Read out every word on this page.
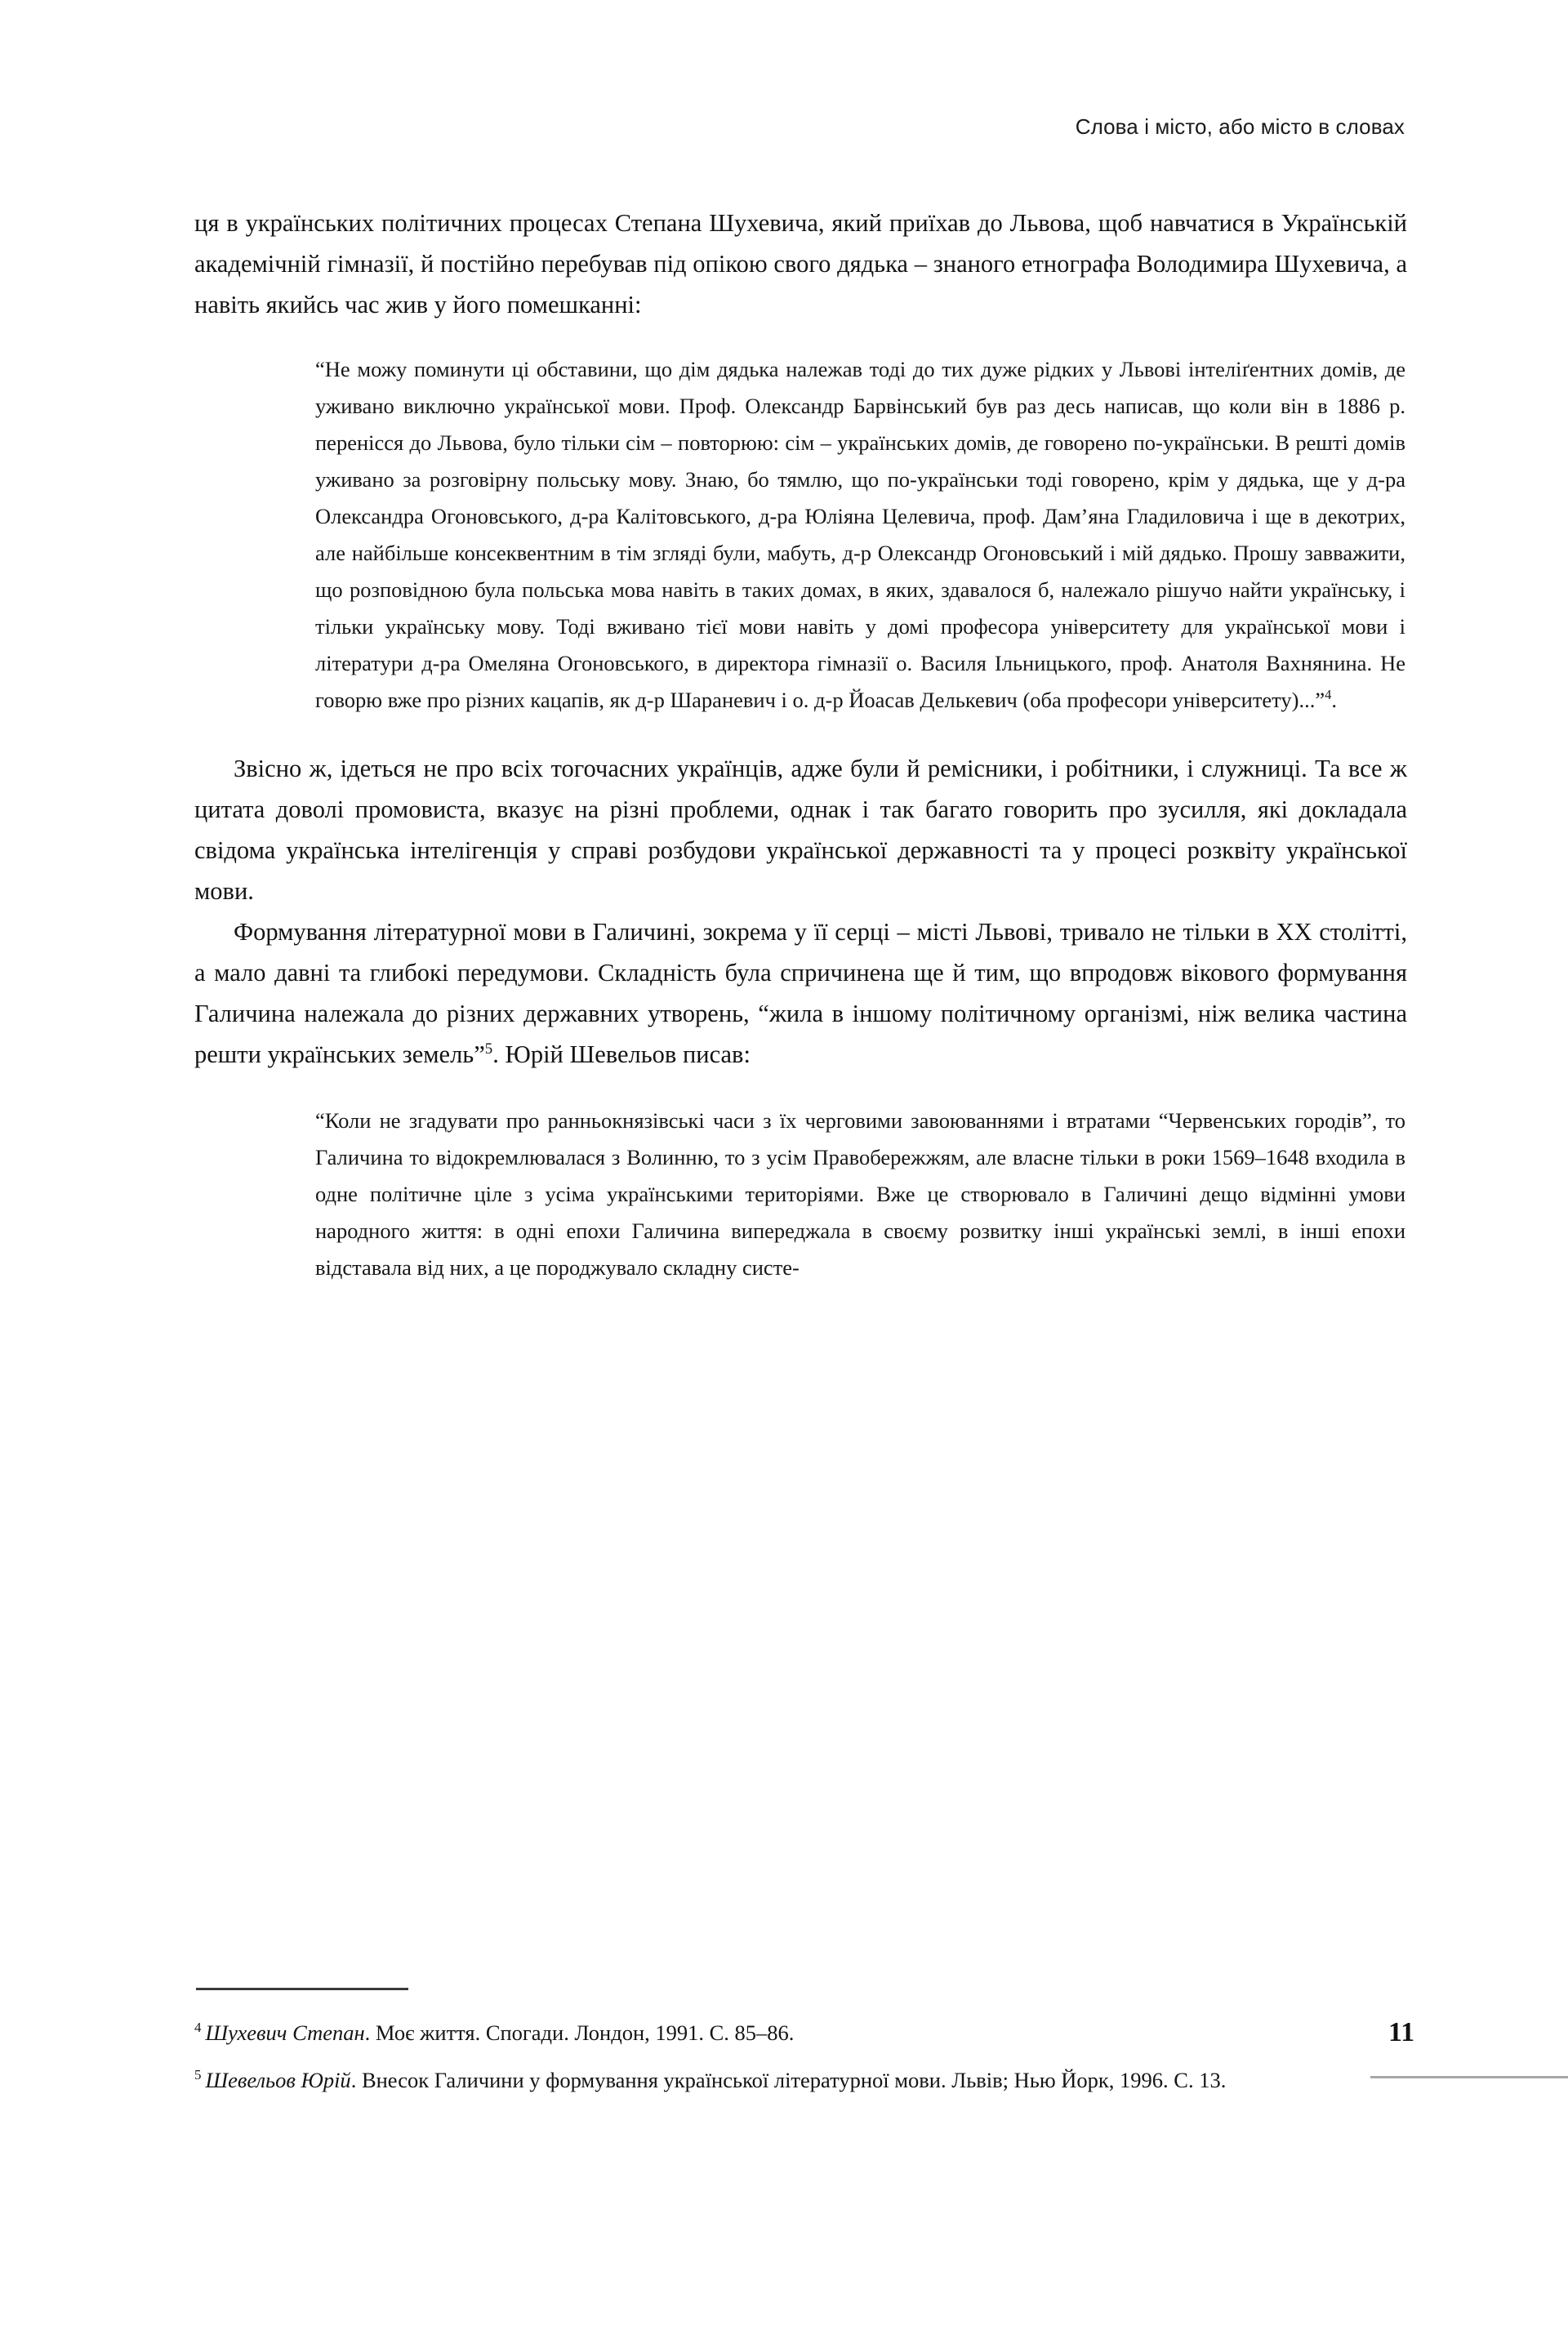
Слова і місто, або місто в словах

ця в українських політичних процесах Степана Шухевича, який приїхав до Львова, щоб навчатися в Українській академічній гімназії, й постійно перебував під опікою свого дядька – знаного етнографа Володимира Шухевича, а навіть якийсь час жив у його помешканні:

“Не можу поминути ці обставини, що дім дядька належав тоді до тих дуже рідких у Львові інтеліґентних домів, де уживано виключно української мови. Проф. Олександр Барвінський був раз десь написав, що коли він в 1886 р. переніcся до Львова, було тільки сім – повторюю: сім – українських домів, де говорено по-українськи. В решті домів уживано за розговірну польську мову. Знаю, бо тямлю, що по-українськи тоді говорено, крім у дядька, ще у д-ра Олександра Огоновського, д-ра Калітовського, д-ра Юліяна Целевича, проф. Дам’яна Гладиловича і ще в декотрих, але найбільше консеквентним в тім згляді були, мабуть, д-р Олександр Огоновський і мій дядько. Прошу завважити, що розповідною була польська мова навіть в таких домах, в яких, здавалося б, належало рішучо найти українську, і тільки українську мову. Тоді вживано тієї мови навіть у домі професора університету для української мови і літератури д-ра Омеляна Огоновського, в директора гімназії о. Василя Ільницького, проф. Анатоля Вахнянина. Не говорю вже про різних кацапів, як д-р Шараневич і о. д-р Йоасав Делькевич (оба професори університету)...”$^4$.

Звісно ж, ідеться не про всіх тогочасних українців, адже були й ремісники, і робітники, і служниці. Та все ж цитата доволі промовиста, вказує на різні проблеми, однак і так багато говорить про зусилля, які докладала свідома українська інтелігенція у справі розбудови української державності та у процесі розквіту української мови.

Формування літературної мови в Галичині, зокрема у її серці – місті Львові, тривало не тільки в ХХ столітті, а мало давні та глибокі передумови. Складність була спричинена ще й тим, що впродовж вікового формування Галичина належала до різних державних утворень, “жила в іншому політичному організмі, ніж велика частина решти українських земель”$^5$. Юрій Шевельов писав:

“Коли не згадувати про ранньокнязівські часи з їх черговими завоюваннями і втратами “Червенських городів”, то Галичина то відокремлювалася з Волинню, то з усім Правобережжям, але власне тільки в роки 1569–1648 входила в одне політичне ціле з усіма українськими територіями. Вже це створювало в Галичині дещо відмінні умови народного життя: в одні епохи Галичина випереджала в своєму розвитку інші українські землі, в інші епохи відставала від них, а це породжувало складну систе-

$^4$ Шухевич Степан. Моє життя. Спогади. Лондон, 1991. С. 85–86.

$^5$ Шевельов Юрій. Внесок Галичини у формування української літературної мови. Львів; Нью Йорк, 1996. С. 13.

11
